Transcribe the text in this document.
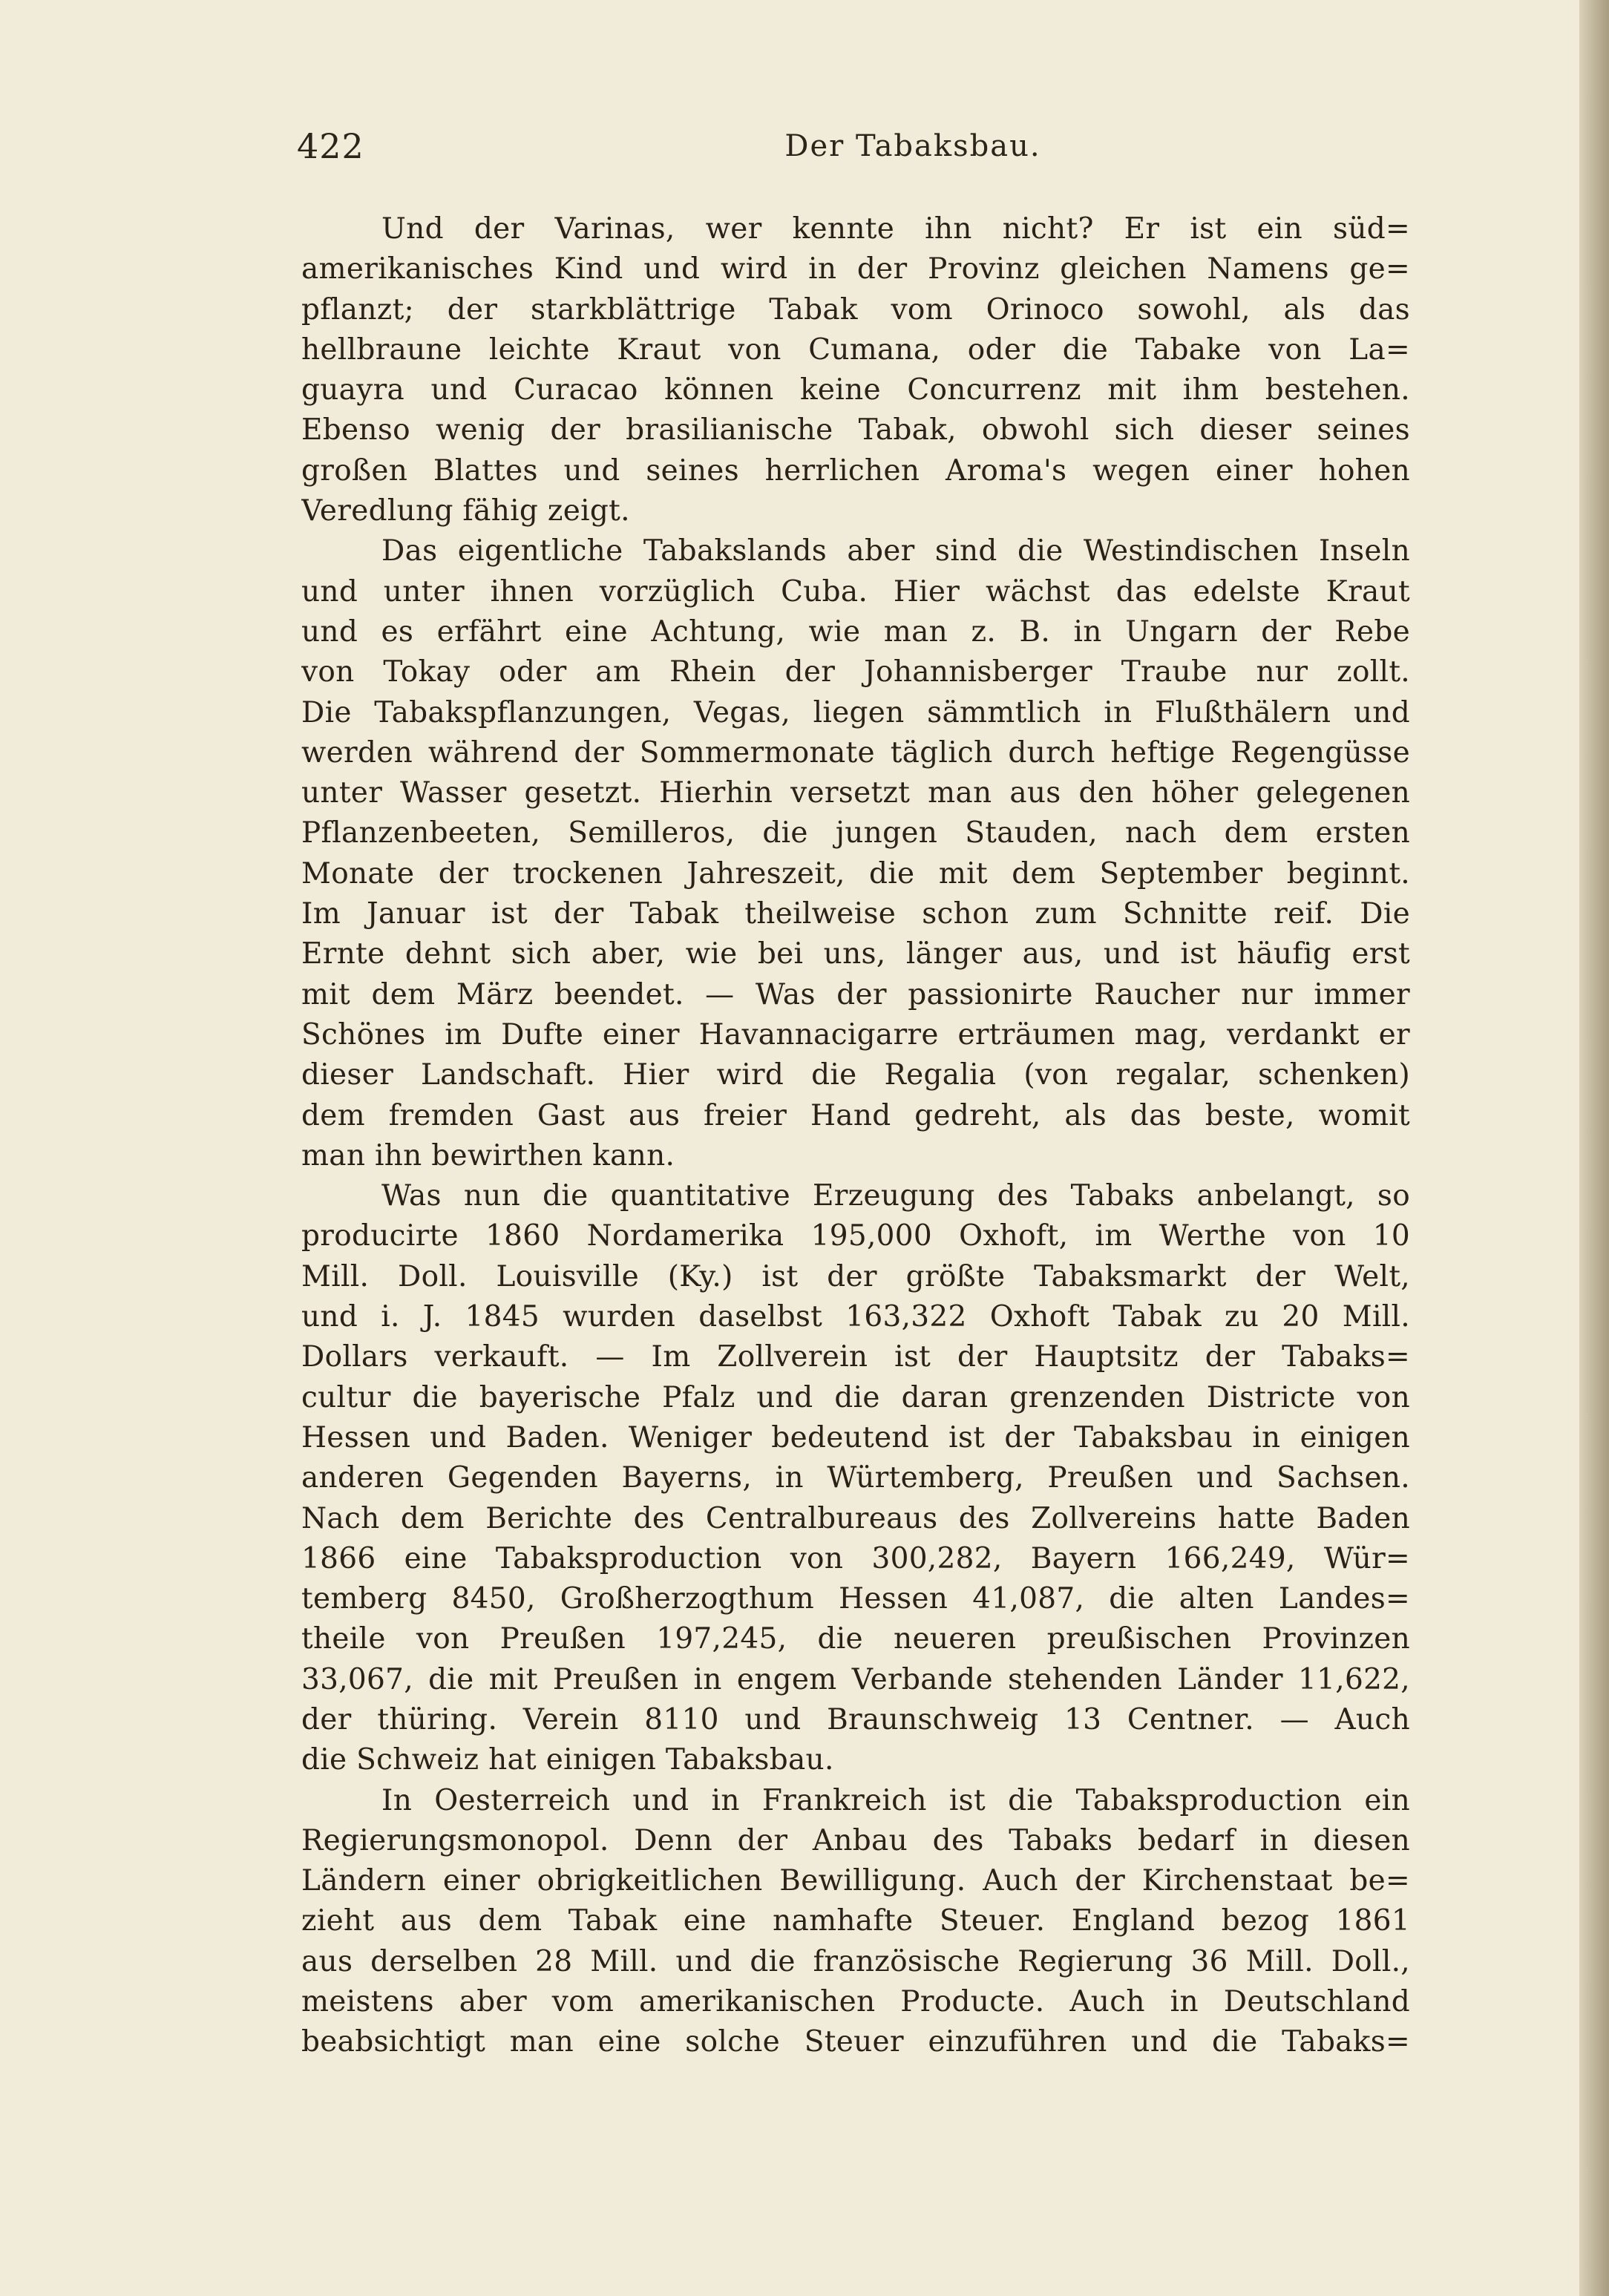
422	Der Tabaksbau.
Und der Varinas, wer kennte ihn nicht? Er ist ein süd=
amerikanisches Kind und wird in der Provinz gleichen Namens ge=
pflanzt; der starkblättrige Tabak vom Orinoco sowohl, als das
hellbraune leichte Kraut von Cumana, oder die Tabake von La=
guayra und Curacao können keine Concurrenz mit ihm bestehen.
Ebenso wenig der brasilianische Tabak, obwohl sich dieser seines
großen Blattes und seines herrlichen Aroma's wegen einer hohen
Veredlung fähig zeigt.
Das eigentliche Tabakslands aber sind die Westindischen Inseln
und unter ihnen vorzüglich Cuba. Hier wächst das edelste Kraut
und es erfährt eine Achtung, wie man z. B. in Ungarn der Rebe
von Tokay oder am Rhein der Johannisberger Traube nur zollt.
Die Tabakspflanzungen, Vegas, liegen sämmtlich in Flußthälern und
werden während der Sommermonate täglich durch heftige Regengüsse
unter Wasser gesetzt. Hierhin versetzt man aus den höher gelegenen
Pflanzenbeeten, Semilleros, die jungen Stauden, nach dem ersten
Monate der trockenen Jahreszeit, die mit dem September beginnt.
Im Januar ist der Tabak theilweise schon zum Schnitte reif. Die
Ernte dehnt sich aber, wie bei uns, länger aus, und ist häufig erst
mit dem März beendet. — Was der passionirte Raucher nur immer
Schönes im Dufte einer Havannacigarre erträumen mag, verdankt er
dieser Landschaft. Hier wird die Regalia (von regalar, schenken)
dem fremden Gast aus freier Hand gedreht, als das beste, womit
man ihn bewirthen kann.
Was nun die quantitative Erzeugung des Tabaks anbelangt, so
producirte 1860 Nordamerika 195,000 Oxhoft, im Werthe von 10
Mill. Doll. Louisville (Ky.) ist der größte Tabaksmarkt der Welt,
und i. J. 1845 wurden daselbst 163,322 Oxhoft Tabak zu 20 Mill.
Dollars verkauft. — Im Zollverein ist der Hauptsitz der Tabaks=
cultur die bayerische Pfalz und die daran grenzenden Districte von
Hessen und Baden. Weniger bedeutend ist der Tabaksbau in einigen
anderen Gegenden Bayerns, in Würtemberg, Preußen und Sachsen.
Nach dem Berichte des Centralbureaus des Zollvereins hatte Baden
1866 eine Tabaksproduction von 300,282, Bayern 166,249, Wür=
temberg 8450, Großherzogthum Hessen 41,087, die alten Landes=
theile von Preußen 197,245, die neueren preußischen Provinzen
33,067, die mit Preußen in engem Verbande stehenden Länder 11,622,
der thüring. Verein 8110 und Braunschweig 13 Centner. — Auch
die Schweiz hat einigen Tabaksbau.
In Oesterreich und in Frankreich ist die Tabaksproduction ein
Regierungsmonopol. Denn der Anbau des Tabaks bedarf in diesen
Ländern einer obrigkeitlichen Bewilligung. Auch der Kirchenstaat be=
zieht aus dem Tabak eine namhafte Steuer. England bezog 1861
aus derselben 28 Mill. und die französische Regierung 36 Mill. Doll.,
meistens aber vom amerikanischen Producte. Auch in Deutschland
beabsichtigt man eine solche Steuer einzuführen und die Tabaks=
